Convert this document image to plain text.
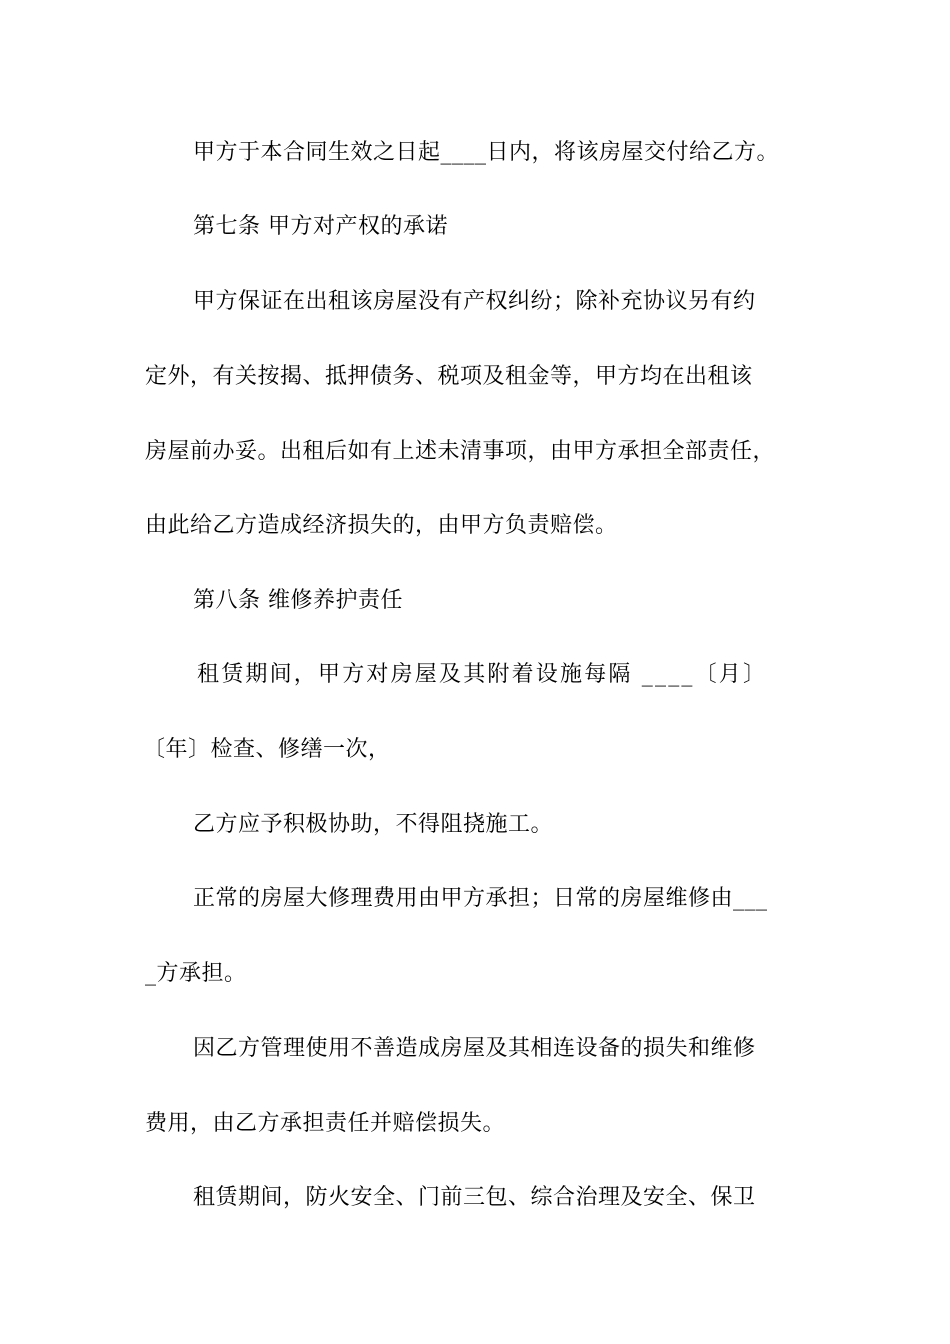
甲方于本合同生效之日起____日内，将该房屋交付给乙方。

第七条 甲方对产权的承诺

甲方保证在出租该房屋没有产权纠纷；除补充协议另有约

定外，有关按揭、抵押债务、税项及租金等，甲方均在出租该

房屋前办妥。出租后如有上述未清事项，由甲方承担全部责任，

由此给乙方造成经济损失的，由甲方负责赔偿。

第八条 维修养护责任

租赁期间，甲方对房屋及其附着设施每隔 ____〔月〕

〔年〕检查、修缮一次，

乙方应予积极协助，不得阻挠施工。

正常的房屋大修理费用由甲方承担；日常的房屋维修由___

_方承担。

因乙方管理使用不善造成房屋及其相连设备的损失和维修

费用，由乙方承担责任并赔偿损失。

租赁期间，防火安全、门前三包、综合治理及安全、保卫
